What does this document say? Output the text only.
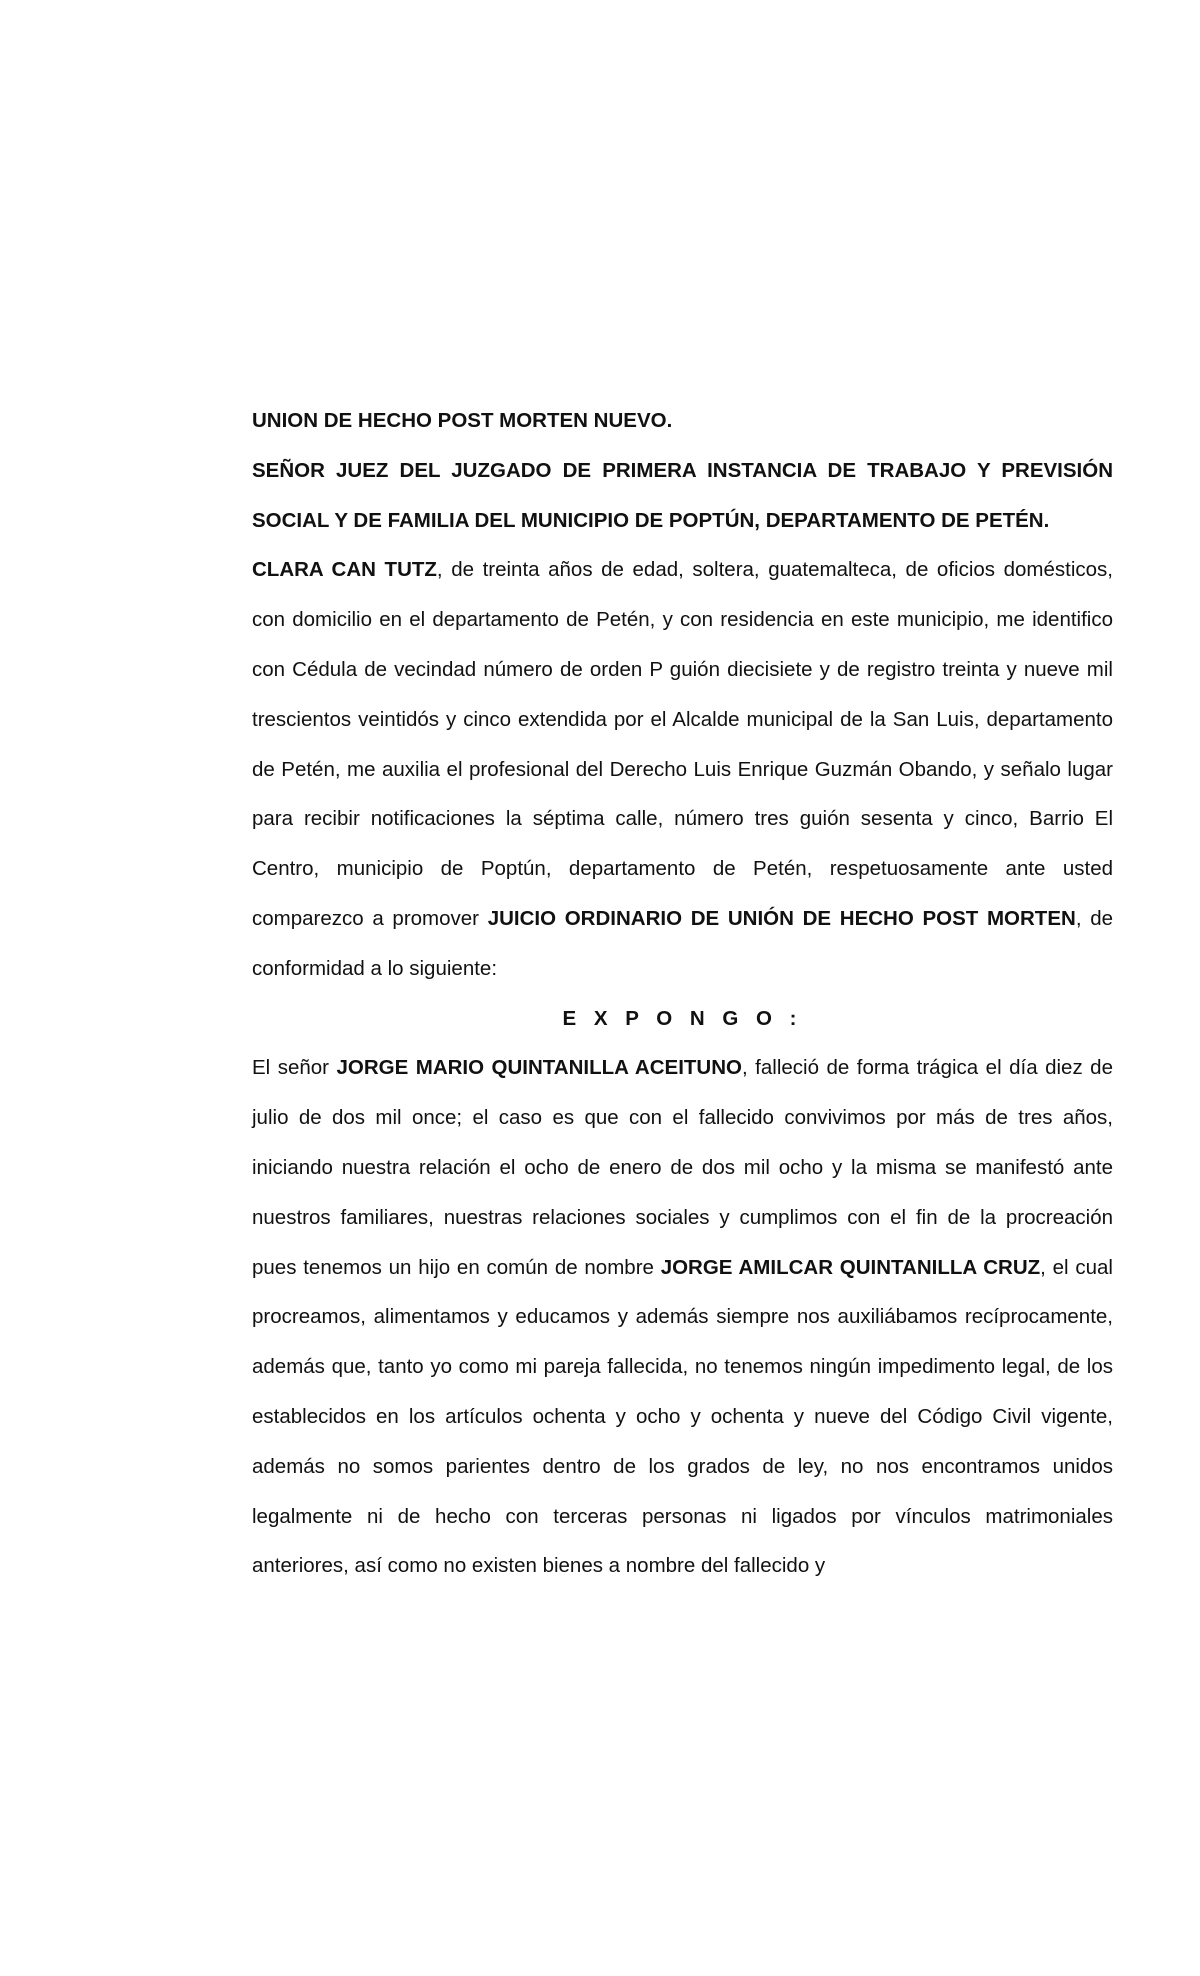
UNION DE HECHO POST MORTEN NUEVO.

SEÑOR JUEZ DEL JUZGADO DE PRIMERA INSTANCIA DE TRABAJO Y PREVISIÓN SOCIAL Y DE FAMILIA DEL MUNICIPIO DE POPTÚN, DEPARTAMENTO DE PETÉN.

CLARA CAN TUTZ, de treinta años de edad, soltera, guatemalteca, de oficios domésticos, con domicilio en el departamento de Petén, y con residencia en este municipio, me identifico con Cédula de vecindad número de orden P guión diecisiete y de registro treinta y nueve mil trescientos veintidós y cinco extendida por el Alcalde municipal de la San Luis, departamento de Petén, me auxilia el profesional del Derecho Luis Enrique Guzmán Obando, y señalo lugar para recibir notificaciones la séptima calle, número tres guión sesenta y cinco, Barrio El Centro, municipio de Poptún, departamento de Petén, respetuosamente ante usted comparezco a promover JUICIO ORDINARIO DE UNIÓN DE HECHO POST MORTEN, de conformidad a lo siguiente:

E X P O N G O :

El señor JORGE MARIO QUINTANILLA ACEITUNO, falleció de forma trágica el día diez de julio de dos mil once; el caso es que con el fallecido convivimos por más de tres años, iniciando nuestra relación el ocho de enero de dos mil ocho y la misma se manifestó ante nuestros familiares, nuestras relaciones sociales y cumplimos con el fin de la procreación pues tenemos un hijo en común de nombre JORGE AMILCAR QUINTANILLA CRUZ, el cual procreamos, alimentamos y educamos y además siempre nos auxiliábamos recíprocamente, además que, tanto yo como mi pareja fallecida, no tenemos ningún impedimento legal, de los establecidos en los artículos ochenta y ocho y ochenta y nueve del Código Civil vigente, además no somos parientes dentro de los grados de ley, no nos encontramos unidos legalmente ni de hecho con terceras personas ni ligados por vínculos matrimoniales anteriores, así como no existen bienes a nombre del fallecido y
